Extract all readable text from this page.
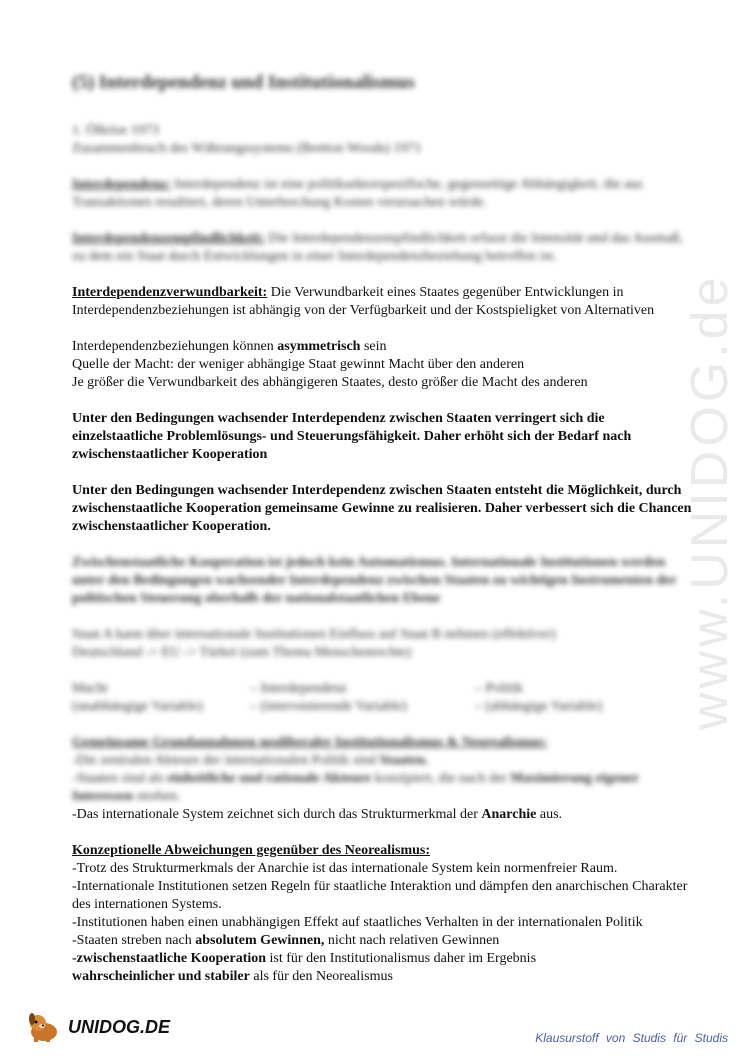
www.UNIDOG.de
(5) Interdependenz und Institutionalismus
1. Ölkrise 1973
Zusammenbruch des Währungssystems (Bretton Woods) 1971
Interdependenz: Interdependenz ist eine politiksektorspezifische, gegenseitige Abhängigkeit, die aus Transaktionen resultiert, deren Unterbrechung Kosten verursachen würde.
Interdependenzempfindlichkeit: Die Interdependenzempfindlichkeit erfasst die Intensität und das Ausmaß, zu dem ein Staat durch Entwicklungen in einer Interdependenzbeziehung betroffen ist.
Interdependenzverwundbarkeit: Die Verwundbarkeit eines Staates gegenüber Entwicklungen in Interdependenzbeziehungen ist abhängig von der Verfügbarkeit und der Kostspieligket von Alternativen
Interdependenzbeziehungen können asymmetrisch sein
Quelle der Macht: der weniger abhängige Staat gewinnt Macht über den anderen
Je größer die Verwundbarkeit des abhängigeren Staates, desto größer die Macht des anderen
Unter den Bedingungen wachsender Interdependenz zwischen Staaten verringert sich die einzelstaatliche Problemlösungs- und Steuerungsfähigkeit. Daher erhöht sich der Bedarf nach zwischenstaatlicher Kooperation
Unter den Bedingungen wachsender Interdependenz zwischen Staaten entsteht die Möglichkeit, durch zwischenstaatliche Kooperation gemeinsame Gewinne zu realisieren. Daher verbessert sich die Chancen zwischenstaatlicher Kooperation.
Zwischenstaatliche Kooperation ist jedoch kein Automatismus. Internationale Institutionen werden unter den Bedingungen wachsender Interdependenz zwischen Staaten zu wichtigen Instrumenten der politischen Steuerung oberhalb der nationalstaatlichen Ebene
Staat A kann über internationale Institutionen Einfluss auf Staat B nehmen (effektiver)
Deutschland -> EU -> Türkei (zum Thema Menschenrechte)
Macht	– Interdependenz	– Politik
(unabhängige Variable)	– (intervenierende Variable)	– (abhängige Variable)
Gemeinsame Grundannahmen neoliberaler Institutionalismus & Neorealismus:
-Die zentralen Akteure der internationalen Politik sind Staaten.
-Staaten sind als einheitliche und rationale Akteure konzipiert, die nach der Maximierung eigener Interessen streben.
-Das internationale System zeichnet sich durch das Strukturmerkmal der Anarchie aus.
Konzeptionelle Abweichungen gegenüber des Neorealismus:
-Trotz des Strukturmerkmals der Anarchie ist das internationale System kein normenfreier Raum.
-Internationale Institutionen setzen Regeln für staatliche Interaktion und dämpfen den anarchischen Charakter des internationen Systems.
-Institutionen haben einen unabhängigen Effekt auf staatliches Verhalten in der internationalen Politik
-Staaten streben nach absolutem Gewinnen, nicht nach relativen Gewinnen
-zwischenstaatliche Kooperation ist für den Institutionalismus daher im Ergebnis
wahrscheinlicher und stabiler als für den Neorealismus
UNIDOG.DE
Klausurstoff von Studis für Studis
